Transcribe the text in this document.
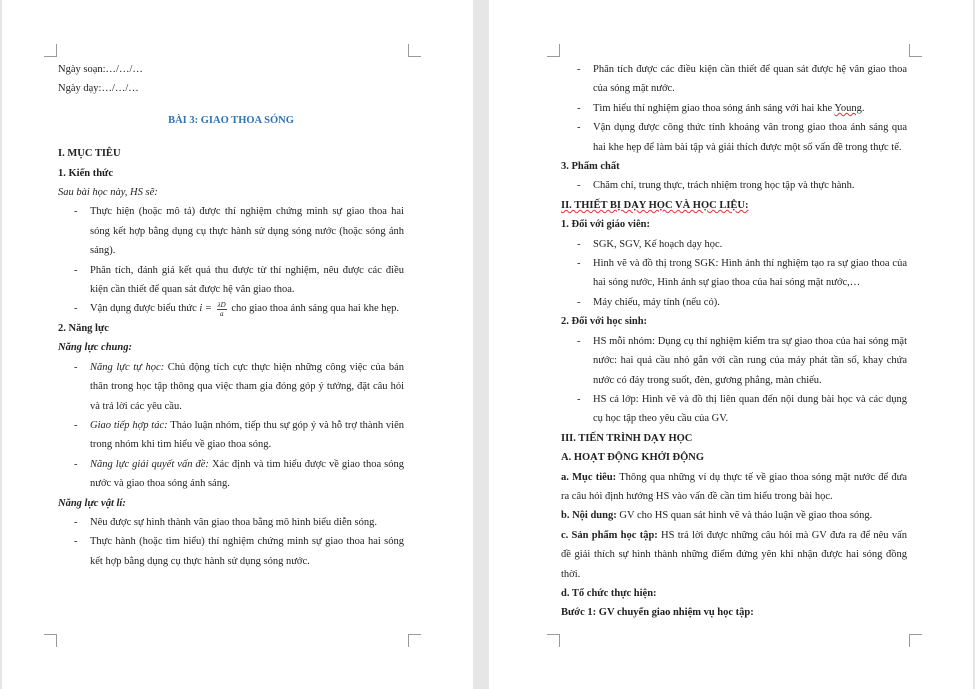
Ngày soạn:…/…/…
Ngày dạy:…/…/…
BÀI 3: GIAO THOA SÓNG
I. MỤC TIÊU
1. Kiến thức
Sau bài học này, HS sẽ:
- Thực hiện (hoặc mô tả) được thí nghiệm chứng minh sự giao thoa hai sóng kết hợp bằng dụng cụ thực hành sử dụng sóng nước (hoặc sóng ánh sáng).
- Phân tích, đánh giá kết quả thu được từ thí nghiệm, nêu được các điều kiện cần thiết để quan sát được hệ vân giao thoa.
- Vận dụng được biểu thức $i = \frac{\lambda D}{a}$ cho giao thoa ánh sáng qua hai khe hẹp.
2. Năng lực
Năng lực chung:
- Năng lực tự học: Chủ động tích cực thực hiện những công việc của bản thân trong học tập thông qua việc tham gia đóng góp ý tưởng, đặt câu hỏi và trả lời các yêu cầu.
- Giao tiếp hợp tác: Thảo luận nhóm, tiếp thu sự góp ý và hỗ trợ thành viên trong nhóm khi tìm hiểu về giao thoa sóng.
- Năng lực giải quyết vấn đề: Xác định và tìm hiểu được về giao thoa sóng nước và giao thoa sóng ánh sáng.
Năng lực vật lí:
- Nêu được sự hình thành vân giao thoa bằng mô hình biểu diễn sóng.
- Thực hành (hoặc tìm hiểu) thí nghiệm chứng minh sự giao thoa hai sóng kết hợp bằng dụng cụ thực hành sử dụng sóng nước.
- Phân tích được các điều kiện cần thiết để quan sát được hệ vân giao thoa của sóng mặt nước.
- Tìm hiểu thí nghiệm giao thoa sóng ánh sáng với hai khe Young.
- Vận dụng được công thức tính khoảng vân trong giao thoa ánh sáng qua hai khe hẹp để làm bài tập và giải thích được một số vấn đề trong thực tế.
3. Phẩm chất
- Chăm chỉ, trung thực, trách nhiệm trong học tập và thực hành.
II. THIẾT BỊ DẠY HỌC VÀ HỌC LIỆU:
1. Đối với giáo viên:
- SGK, SGV, Kế hoạch dạy học.
- Hình vẽ và đồ thị trong SGK: Hình ảnh thí nghiệm tạo ra sự giao thoa của hai sóng nước, Hình ảnh sự giao thoa của hai sóng mặt nước,…
- Máy chiếu, máy tính (nếu có).
2. Đối với học sinh:
- HS mỗi nhóm: Dụng cụ thí nghiệm kiểm tra sự giao thoa của hai sóng mặt nước: hai quả cầu nhỏ gắn với cần rung của máy phát tần số, khay chứa nước có đáy trong suốt, đèn, gương phẳng, màn chiếu.
- HS cả lớp: Hình vẽ và đồ thị liên quan đến nội dung bài học và các dụng cụ học tập theo yêu cầu của GV.
III. TIẾN TRÌNH DẠY HỌC
A. HOẠT ĐỘNG KHỞI ĐỘNG
a. Mục tiêu: Thông qua những ví dụ thực tế về giao thoa sóng mặt nước để đưa ra câu hỏi định hướng HS vào vấn đề cần tìm hiểu trong bài học.
b. Nội dung: GV cho HS quan sát hình vẽ và thảo luận về giao thoa sóng.
c. Sản phẩm học tập: HS trả lời được những câu hỏi mà GV đưa ra để nêu vấn đề giải thích sự hình thành những điểm đứng yên khi nhận được hai sóng đồng thời.
d. Tổ chức thực hiện:
Bước 1: GV chuyển giao nhiệm vụ học tập:
